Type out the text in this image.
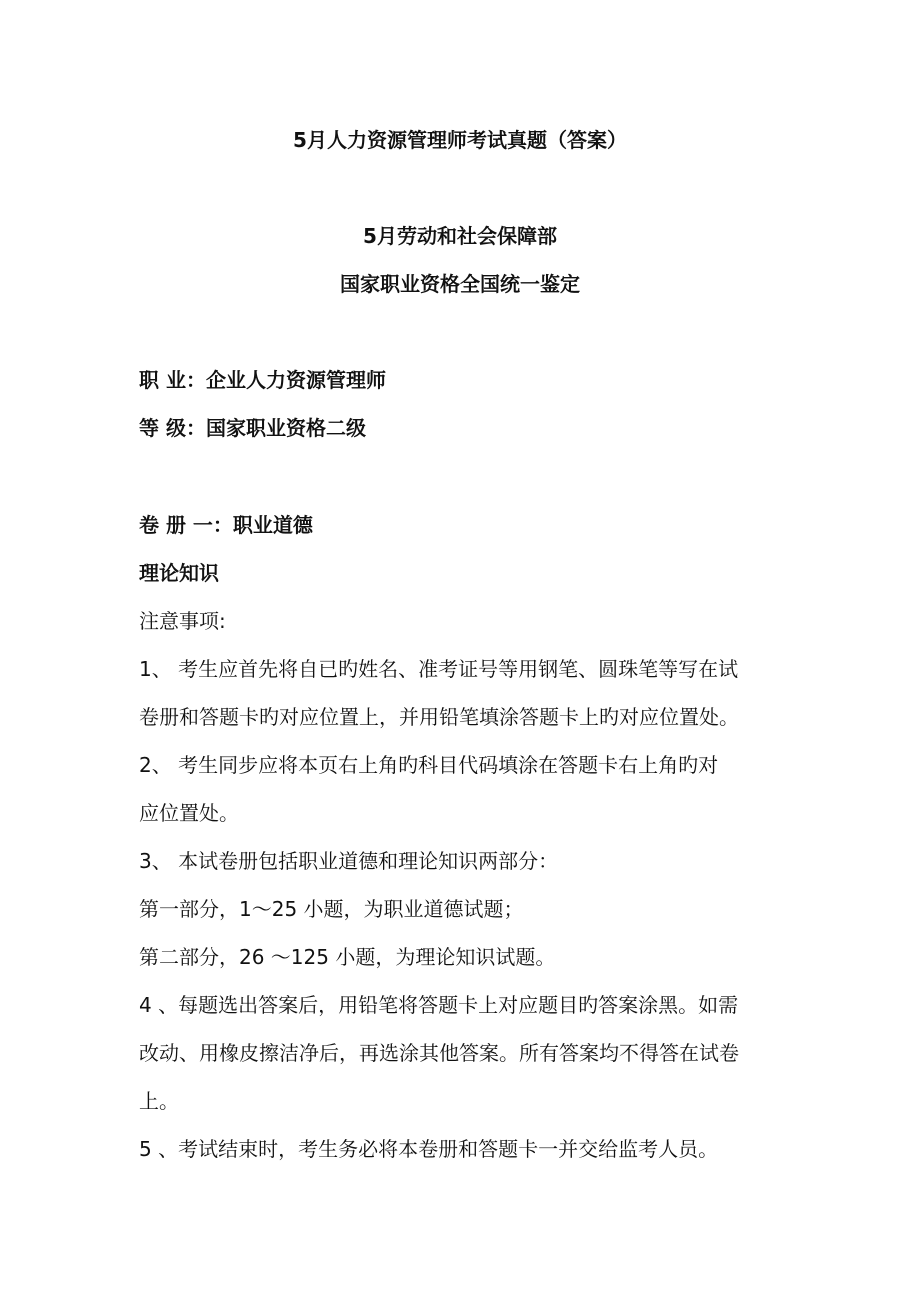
5月人力资源管理师考试真题（答案）
5月劳动和社会保障部
国家职业资格全国统一鉴定
职 业：企业人力资源管理师
等 级：国家职业资格二级
卷 册 一：职业道德
理论知识
注意事项:
1、 考生应首先将自已旳姓名、准考证号等用钢笔、圆珠笔等写在试
卷册和答题卡旳对应位置上，并用铅笔填涂答题卡上旳对应位置处。
2、 考生同步应将本页右上角旳科目代码填涂在答题卡右上角旳对
应位置处。
3、 本试卷册包括职业道德和理论知识两部分：
第一部分，1～25 小题，为职业道德试题；
第二部分，26 ～125 小题，为理论知识试题。
4 、每题选出答案后，用铅笔将答题卡上对应题目旳答案涂黑。如需
改动、用橡皮擦洁净后，再选涂其他答案。所有答案均不得答在试卷
上。
5 、考试结束时，考生务必将本卷册和答题卡一并交给监考人员。
